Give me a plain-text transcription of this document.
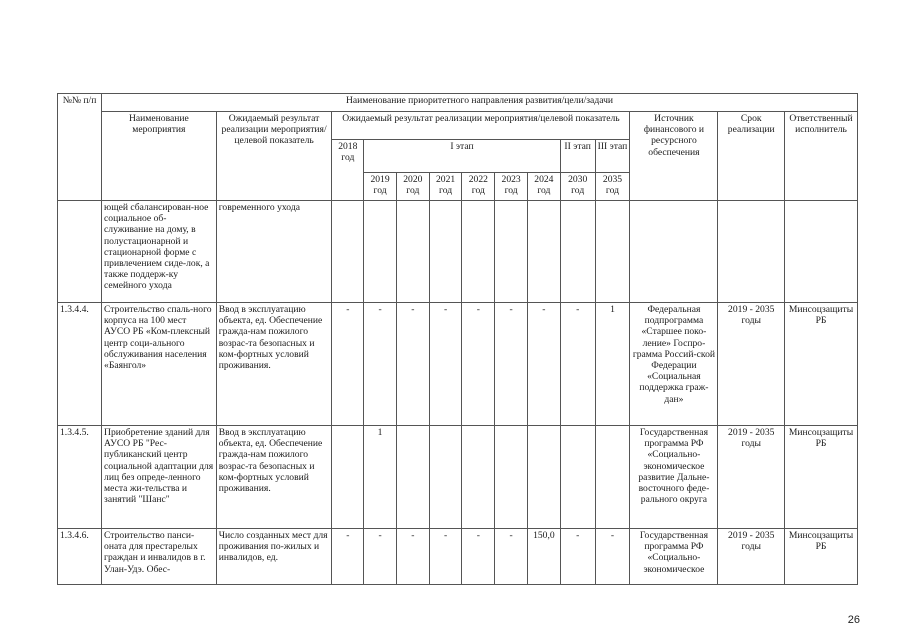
№№ п/п	Наименование приоритетного направления развития/цели/задачи													
	Наименование мероприятия	Ожидаемый результат реализации мероприятия/целевой показатель	Ожидаемый результат реализации мероприятия/целевой показатель									Источник финансового и ресурсного обеспечения	Срок реализации	Ответственный исполнитель
			2018 год	I этап						II этап	III этап			
				2019 год	2020 год	2021 год	2022 год	2023 год	2024 год	2030 год	2035 год			
	ющей сбалансирован-ное социальное об-служивание на дому, в полустационарной и стационарной форме с привлечением сиде-лок, а также поддерж-ку семейного ухода	говременного ухода												
1.3.4.4.	Строительство спаль-ного корпуса на 100 мест АУСО РБ «Ком-плексный центр соци-ального обслуживания населения «Баянгол»	Ввод в эксплуатацию объекта, ед. Обеспечение гражда-нам пожилого возрас-та безопасных и ком-фортных условий проживания.	-	-	-	-	-	-	-	-	1	Федеральная подпрограмма «Старшее поко-ление» Госпро-грамма Россий-ской Федерации «Социальная поддержка граж-дан»	2019 - 2035 годы	Минсоцзащиты РБ
1.3.4.5.	Приобретение зданий для АУСО РБ "Рес-публиканский центр социальной адаптации для лиц без опреде-ленного места жи-тельства и занятий "Шанс"	Ввод в эксплуатацию объекта, ед. Обеспечение гражда-нам пожилого возрас-та безопасных и ком-фортных условий проживания.		1								Государственная программа РФ «Социально-экономическое развитие Дальне-восточного феде-рального округа	2019 - 2035 годы	Минсоцзащиты РБ
1.3.4.6.	Строительство панси-оната для престарелых граждан и инвалидов в г. Улан-Удэ. Обес-	Число созданных мест для проживания по-жилых и инвалидов, ед.	-	-	-	-	-	-	150,0	-	-	Государственная программа РФ «Социально-экономическое	2019 - 2035 годы	Минсоцзащиты РБ
26
